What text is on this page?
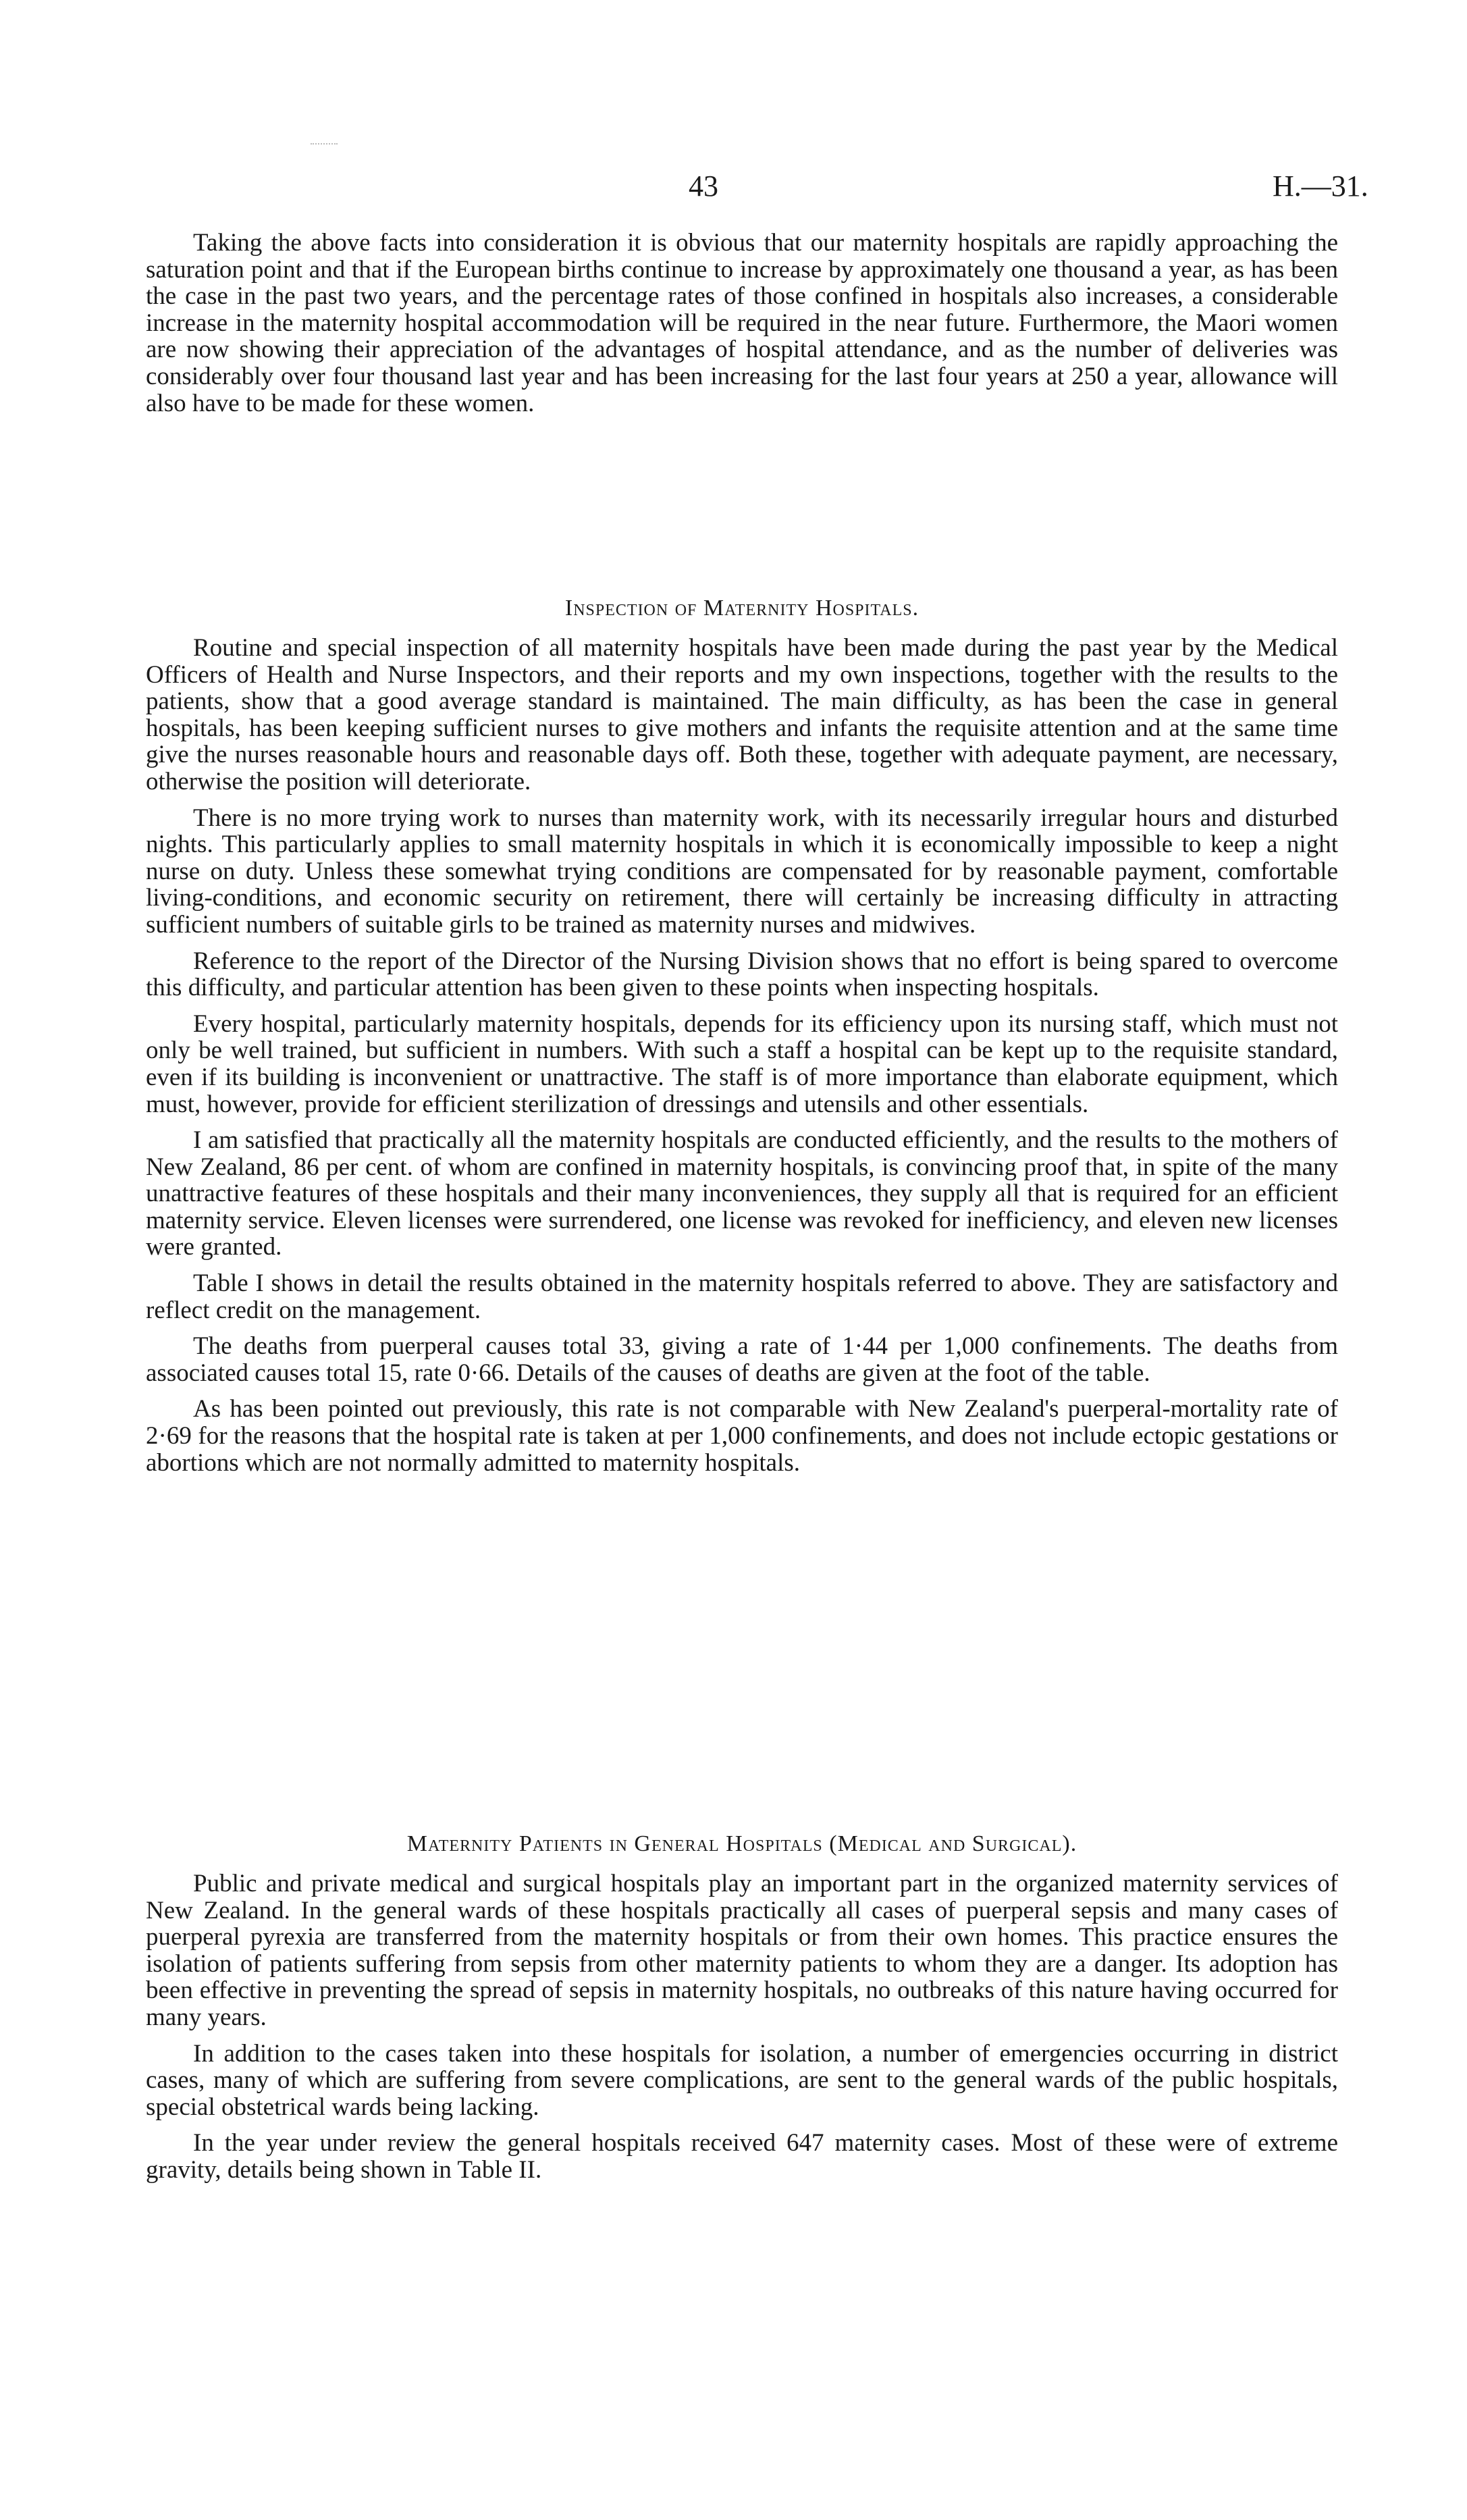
43	H.—31.

Taking the above facts into consideration it is obvious that our maternity hospitals are rapidly approaching the saturation point and that if the European births continue to increase by approximately one thousand a year, as has been the case in the past two years, and the percentage rates of those confined in hospitals also increases, a considerable increase in the maternity hospital accommodation will be required in the near future. Furthermore, the Maori women are now showing their appreciation of the advantages of hospital attendance, and as the number of deliveries was considerably over four thousand last year and has been increasing for the last four years at 250 a year, allowance will also have to be made for these women.

Inspection of Maternity Hospitals.

Routine and special inspection of all maternity hospitals have been made during the past year by the Medical Officers of Health and Nurse Inspectors, and their reports and my own inspections, together with the results to the patients, show that a good average standard is maintained. The main difficulty, as has been the case in general hospitals, has been keeping sufficient nurses to give mothers and infants the requisite attention and at the same time give the nurses reasonable hours and reasonable days off. Both these, together with adequate payment, are necessary, otherwise the position will deteriorate.

There is no more trying work to nurses than maternity work, with its necessarily irregular hours and disturbed nights. This particularly applies to small maternity hospitals in which it is economically impossible to keep a night nurse on duty. Unless these somewhat trying conditions are compensated for by reasonable payment, comfortable living-conditions, and economic security on retirement, there will certainly be increasing difficulty in attracting sufficient numbers of suitable girls to be trained as maternity nurses and midwives.

Reference to the report of the Director of the Nursing Division shows that no effort is being spared to overcome this difficulty, and particular attention has been given to these points when inspecting hospitals.

Every hospital, particularly maternity hospitals, depends for its efficiency upon its nursing staff, which must not only be well trained, but sufficient in numbers. With such a staff a hospital can be kept up to the requisite standard, even if its building is inconvenient or unattractive. The staff is of more importance than elaborate equipment, which must, however, provide for efficient sterilization of dressings and utensils and other essentials.

I am satisfied that practically all the maternity hospitals are conducted efficiently, and the results to the mothers of New Zealand, 86 per cent. of whom are confined in maternity hospitals, is convincing proof that, in spite of the many unattractive features of these hospitals and their many inconveniences, they supply all that is required for an efficient maternity service. Eleven licenses were surrendered, one license was revoked for inefficiency, and eleven new licenses were granted.

Table I shows in detail the results obtained in the maternity hospitals referred to above. They are satisfactory and reflect credit on the management.

The deaths from puerperal causes total 33, giving a rate of 1·44 per 1,000 confinements. The deaths from associated causes total 15, rate 0·66. Details of the causes of deaths are given at the foot of the table.

As has been pointed out previously, this rate is not comparable with New Zealand's puerperal-mortality rate of 2·69 for the reasons that the hospital rate is taken at per 1,000 confinements, and does not include ectopic gestations or abortions which are not normally admitted to maternity hospitals.

Maternity Patients in General Hospitals (Medical and Surgical).

Public and private medical and surgical hospitals play an important part in the organized maternity services of New Zealand. In the general wards of these hospitals practically all cases of puerperal sepsis and many cases of puerperal pyrexia are transferred from the maternity hospitals or from their own homes. This practice ensures the isolation of patients suffering from sepsis from other maternity patients to whom they are a danger. Its adoption has been effective in preventing the spread of sepsis in maternity hospitals, no outbreaks of this nature having occurred for many years.

In addition to the cases taken into these hospitals for isolation, a number of emergencies occurring in district cases, many of which are suffering from severe complications, are sent to the general wards of the public hospitals, special obstetrical wards being lacking.

In the year under review the general hospitals received 647 maternity cases. Most of these were of extreme gravity, details being shown in Table II.
